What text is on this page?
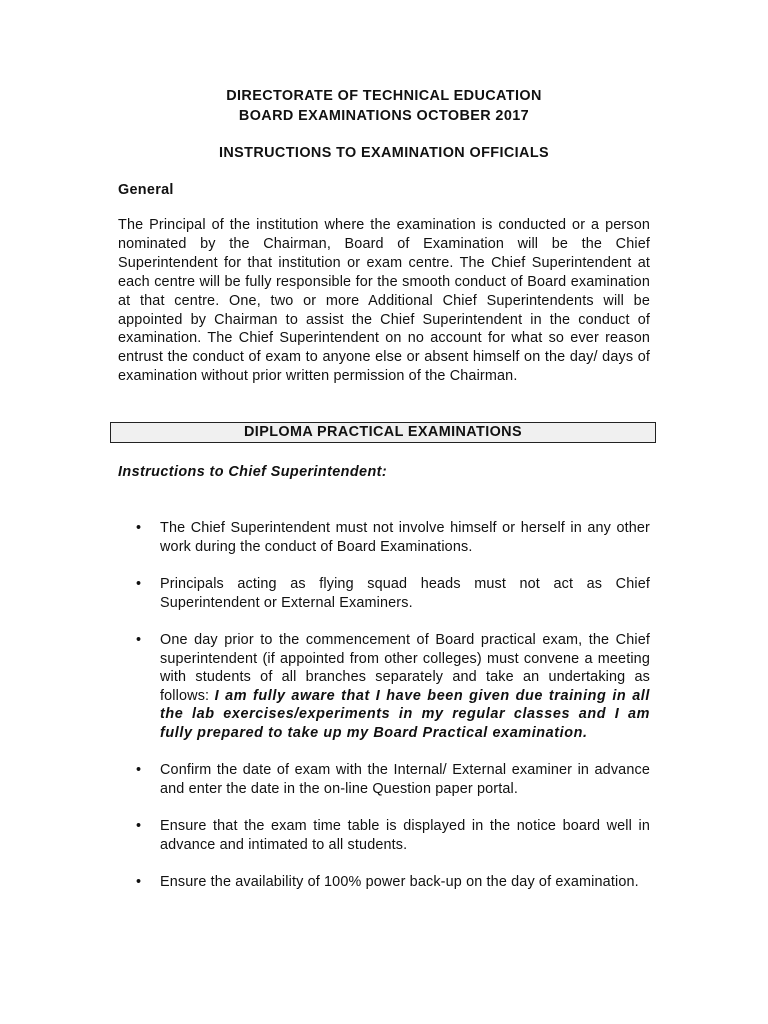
DIRECTORATE OF TECHNICAL EDUCATION
BOARD EXAMINATIONS OCTOBER 2017
INSTRUCTIONS TO EXAMINATION OFFICIALS
General
The Principal of the institution where the examination is conducted or a person nominated by the Chairman, Board of Examination will be the Chief Superintendent for that institution or exam centre. The Chief Superintendent at each centre will be fully responsible for the smooth conduct of Board examination at that centre. One, two or more Additional Chief Superintendents will be appointed by Chairman to assist the Chief Superintendent in the conduct of examination. The Chief Superintendent on no account for what so ever reason entrust the conduct of exam to anyone else or absent himself on the day/ days of examination without prior written permission of the Chairman.
DIPLOMA PRACTICAL EXAMINATIONS
Instructions to Chief Superintendent:
• The Chief Superintendent must not involve himself or herself in any other work during the conduct of Board Examinations.
• Principals acting as flying squad heads must not act as Chief Superintendent or External Examiners.
• One day prior to the commencement of Board practical exam, the Chief superintendent (if appointed from other colleges) must convene a meeting with students of all branches separately and take an undertaking as follows: I am fully aware that I have been given due training in all the lab exercises/experiments in my regular classes and I am fully prepared to take up my Board Practical examination.
• Confirm the date of exam with the Internal/ External examiner in advance and enter the date in the on-line Question paper portal.
• Ensure that the exam time table is displayed in the notice board well in advance and intimated to all students.
• Ensure the availability of 100% power back-up on the day of examination.
